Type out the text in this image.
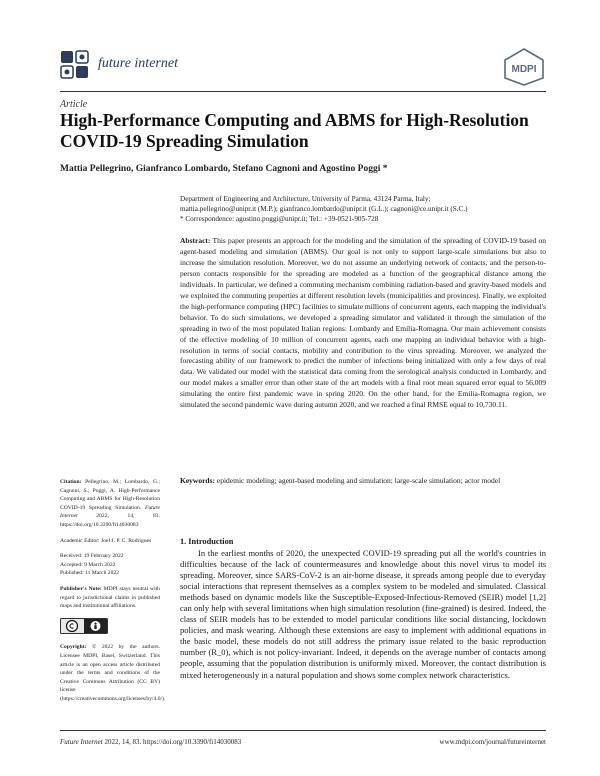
future internet	MDPI
Article
High-Performance Computing and ABMS for High-Resolution COVID-19 Spreading Simulation
Mattia Pellegrino, Gianfranco Lombardo, Stefano Cagnoni and Agostino Poggi *

Department of Engineering and Architecture, University of Parma, 43124 Parma, Italy;

mattia.pellegrino@unipr.it (M.P.); gianfranco.lombardo@unipr.it (G.L.); cagnoni@ce.unipr.it (S.C.)

* Correspondence: agostino.poggi@unipr.it; Tel.: +39-0521-905-728

Abstract: This paper presents an approach for the modeling and the simulation of the spreading of COVID-19 based on agent-based modeling and simulation (ABMS). Our goal is not only to support large-scale simulations but also to increase the simulation resolution. Moreover, we do not assume an underlying network of contacts, and the person-to-person contacts responsible for the spreading are modeled as a function of the geographical distance among the individuals. In particular, we defined a commuting mechanism combining radiation-based and gravity-based models and we exploited the commuting properties at different resolution levels (municipalities and provinces). Finally, we exploited the high-performance computing (HPC) facilities to simulate millions of concurrent agents, each mapping the individual's behavior. To do such simulations, we developed a spreading simulator and validated it through the simulation of the spreading in two of the most populated Italian regions: Lombardy and Emilia-Romagna. Our main achievement consists of the effective modeling of 10 million of concurrent agents, each one mapping an individual behavior with a high-resolution in terms of social contacts, mobility and contribution to the virus spreading. Moreover, we analyzed the forecasting ability of our framework to predict the number of infections being initialized with only a few days of real data. We validated our model with the statistical data coming from the serological analysis conducted in Lombardy, and our model makes a smaller error than other state of the art models with a final root mean squared error equal to 56,009 simulating the entire first pandemic wave in spring 2020. On the other hand, for the Emilia-Romagna region, we simulated the second pandemic wave during autumn 2020, and we reached a final RMSE equal to 10,730.11.
Keywords: epidemic modeling; agent-based modeling and simulation; large-scale simulation; actor model
1. Introduction
In the earliest months of 2020, the unexpected COVID-19 spreading put all the world's countries in difficulties because of the lack of countermeasures and knowledge about this novel virus to model its spreading. Moreover, since SARS-CoV-2 is an air-borne disease, it spreads among people due to everyday social interactions that represent themselves as a complex system to be modeled and simulated. Classical methods based on dynamic models like the Susceptible-Exposed-Infectious-Removed (SEIR) model [1,2] can only help with several limitations when high simulation resolution (fine-grained) is desired. Indeed, the class of SEIR models has to be extended to model particular conditions like social distancing, lockdown policies, and mask wearing. Although these extensions are easy to implement with additional equations in the basic model, these models do not still address the primary issue related to the basic reproduction number (R_0), which is not policy-invariant. Indeed, it depends on the average number of contacts among people, assuming that the population distribution is uniformly mixed. Moreover, the contact distribution is mixed heterogeneously in a natural population and shows some complex network characteristics.
Citation: Pellegrino, M.; Lombardo, G.; Cagnoni, S.; Poggi, A. High-Performance Computing and ABMS for High-Resolution COVID-19 Spreading Simulation. Future Internet	2022, 14, 83. https://doi.org/10.3390/fi14030083
Academic Editor: Joel J. P. C. Rodrigues
Received: 19 February 2022
Accepted: 9 March 2022
Published: 11 March 2022
Publisher's Note: MDPI stays neutral with regard to jurisdictional claims in published maps and institutional affiliations.
Copyright: © 2022 by the authors. Licensee MDPI, Basel, Switzerland. This article is an open access article distributed under the terms and conditions of the Creative Commons Attribution (CC BY) license (https://creativecommons.org/licenses/by/4.0/).
Future Internet 2022, 14, 83. https://doi.org/10.3390/fi14030083	www.mdpi.com/journal/futureinternet
